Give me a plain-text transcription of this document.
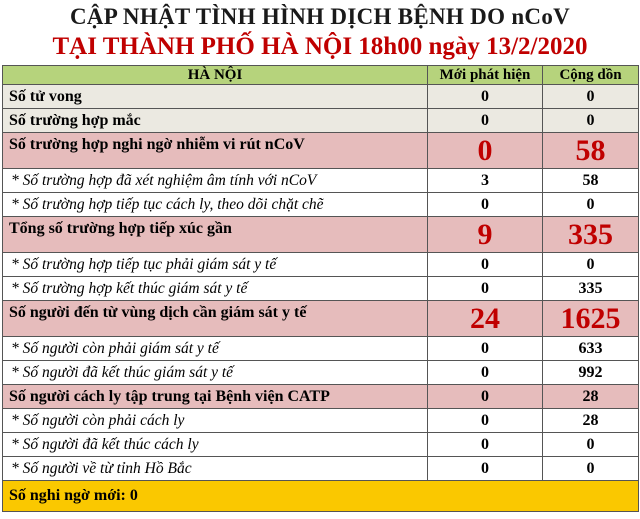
CẬP NHẬT TÌNH HÌNH DỊCH BỆNH DO nCoV
TẠI THÀNH PHỐ HÀ NỘI 18h00 ngày 13/2/2020
HÀ NỘI	Mới phát hiện	Cộng dồn
Số tử vong	0	0
Số trường hợp mắc	0	0
Số trường hợp nghi ngờ nhiễm vi rút nCoV	0	58
* Số trường hợp đã xét nghiệm âm tính với nCoV	3	58
* Số trường hợp tiếp tục cách ly, theo dõi chặt chẽ	0	0
Tổng số trường hợp tiếp xúc gần	9	335
* Số trường hợp tiếp tục phải giám sát y tế	0	0
* Số trường hợp kết thúc giám sát y tế	0	335
Số người đến từ vùng dịch cần giám sát y tế	24	1625
* Số người còn phải giám sát y tế	0	633
* Số người đã kết thúc giám sát y tế	0	992
Số người cách ly tập trung tại Bệnh viện CATP	0	28
* Số người còn phải cách ly	0	28
* Số người đã kết thúc cách ly	0	0
* Số người về từ tỉnh Hồ Bắc	0	0
Số nghi ngờ mới: 0		
